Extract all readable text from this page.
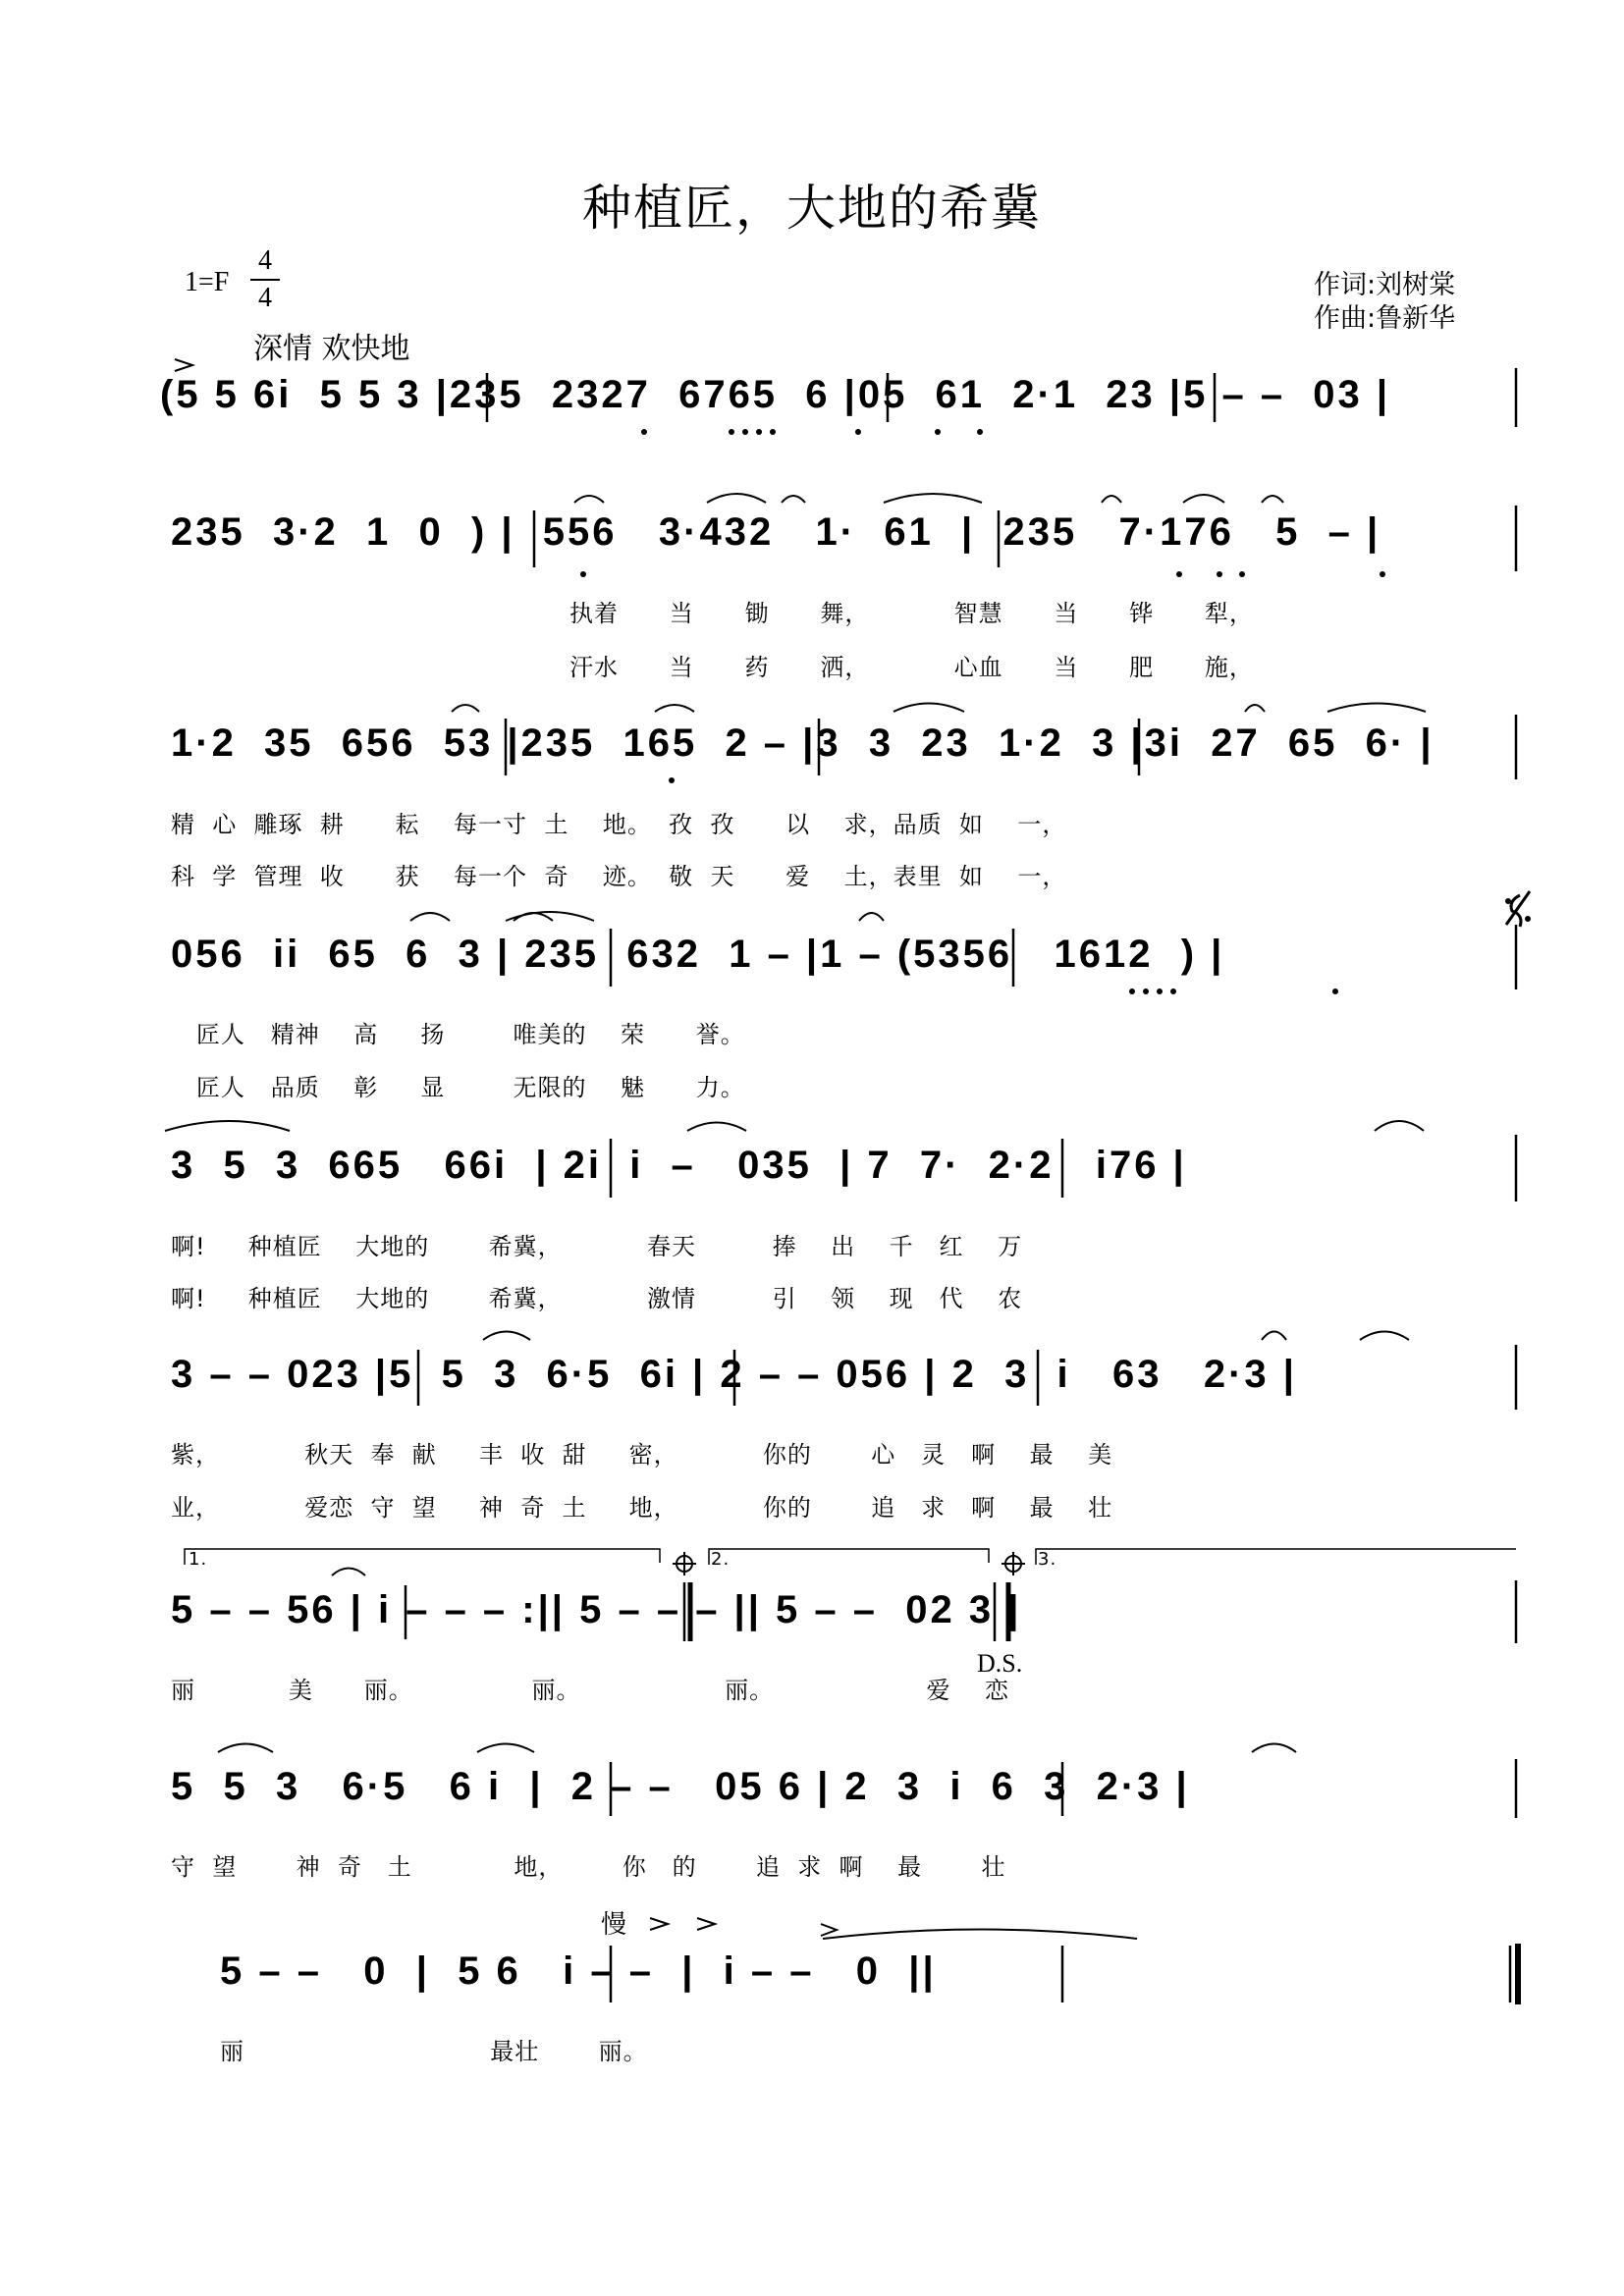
种植匠，大地的希冀
1=F
4
4
深情 欢快地
作词:刘树棠
作曲:鲁新华
(5 5 6i  5 5 3 |235  2327  6765  6 |05  61  2·1  23 |5 – –  03 |
235  3·2  1  0  ) |  556   3·432   1·  61  |  235   7·176   5  – |
执着      当      锄      舞，          智慧      当      铧      犁，
汗水      当      药      洒，          心血      当      肥      施，
1·2  35  656  53 |235  165  2 – |3  3  23  1·2  3 |3i  27  65  6· |
精  心  雕琢  耕      耘    每一寸  土    地。  孜  孜      以    求，品质  如    一，
科  学  管理  收      获    每一个  奇    迹。  敬  天      爱    土，表里  如    一，
056  ii  65  6  3 | 235  632  1 – |1 – (5356   1612  ) |
匠人   精神    高     扬        唯美的    荣      誉。
匠人   品质    彰     显        无限的    魅      力。
3  5  3  665   66i  | 2i  i  –   035  | 7  7·  2·2   i76 |
啊!     种植匠    大地的       希冀，          春天         捧    出    千   红    万
啊!     种植匠    大地的       希冀，          激情         引    领    现   代    农
3 – – 023 |5  5  3  6·5  6i | 2 – – 056 | 2  3  i   63   2·3 |
紫，          秋天  奉  献     丰  收  甜     密，          你的       心   灵   啊    最    美
业，          爱恋  守  望     神  奇  土     地，          你的       追   求   啊    最    壮
1.	2.	3.
5 – – 56 | i – – – :|| 5 – – – || 5 – –  02 3 |
D.S.
丽           美      丽。              丽。                 丽。                  爱    恋
5  5  3   6·5   6 i  |  2 – –   05 6 | 2  3  i  6  3  2·3 |
守  望       神  奇   土            地，       你   的       追  求  啊    最       壮
慢
5 – –   0  |  5 6   i – –  |  i – –   0  ||
丽                             最壮       丽。
